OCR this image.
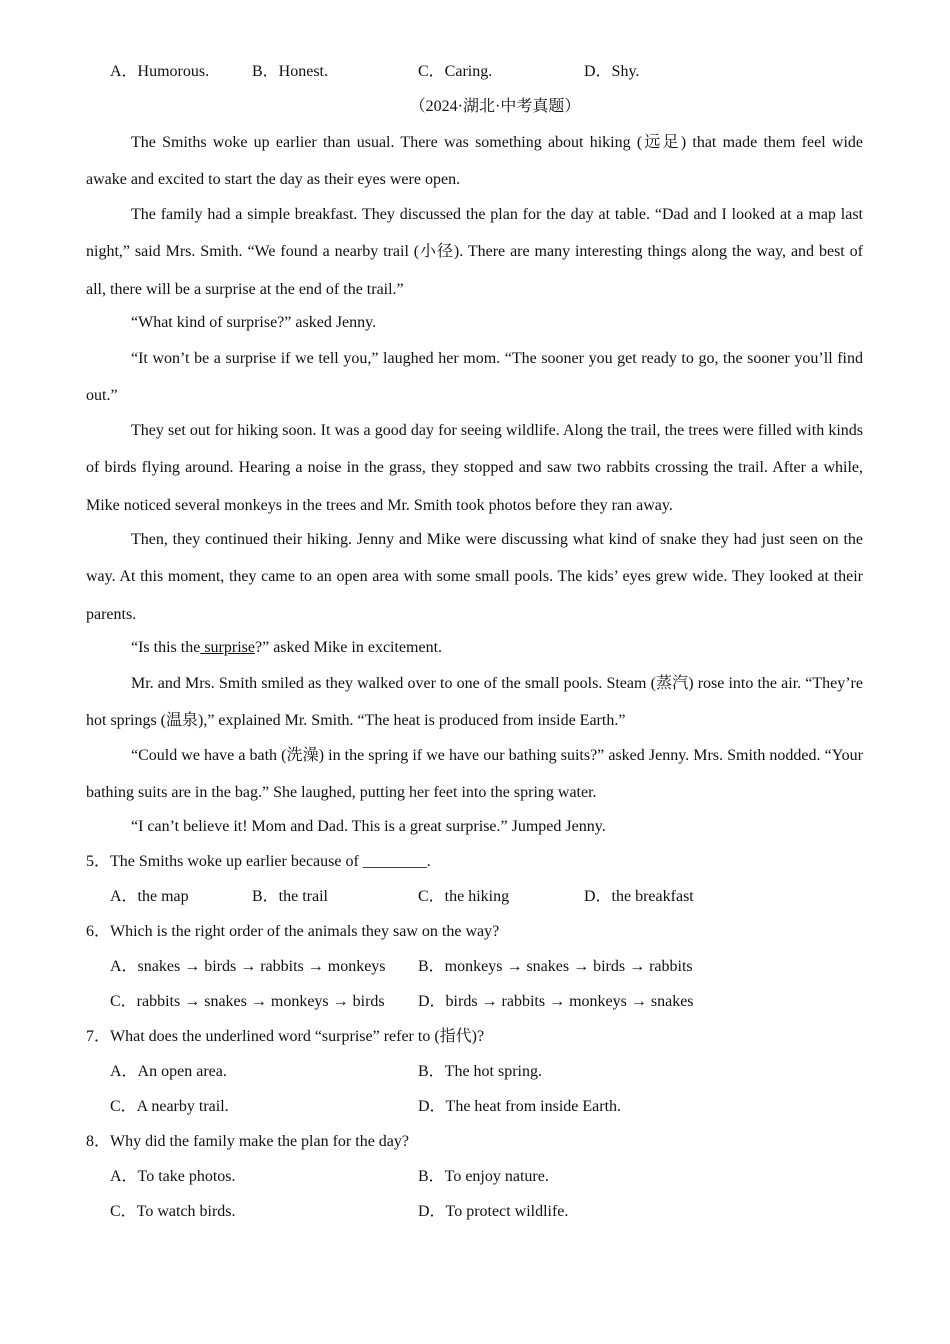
A．Humorous.	B．Honest.	C．Caring.	D．Shy.
（2024·湖北·中考真题）
The Smiths woke up earlier than usual. There was something about hiking (远足) that made them feel wide awake and excited to start the day as their eyes were open.
The family had a simple breakfast. They discussed the plan for the day at table. “Dad and I looked at a map last night,” said Mrs. Smith. “We found a nearby trail (小径). There are many interesting things along the way, and best of all, there will be a surprise at the end of the trail.”
“What kind of surprise?” asked Jenny.
“It won’t be a surprise if we tell you,” laughed her mom. “The sooner you get ready to go, the sooner you’ll find out.”
They set out for hiking soon. It was a good day for seeing wildlife. Along the trail, the trees were filled with kinds of birds flying around. Hearing a noise in the grass, they stopped and saw two rabbits crossing the trail. After a while, Mike noticed several monkeys in the trees and Mr. Smith took photos before they ran away.
Then, they continued their hiking. Jenny and Mike were discussing what kind of snake they had just seen on the way. At this moment, they came to an open area with some small pools. The kids’ eyes grew wide. They looked at their parents.
“Is this the surprise?” asked Mike in excitement.
Mr. and Mrs. Smith smiled as they walked over to one of the small pools. Steam (蒸汽) rose into the air. “They’re hot springs (温泉),” explained Mr. Smith. “The heat is produced from inside Earth.”
“Could we have a bath (洗澡) in the spring if we have our bathing suits?” asked Jenny. Mrs. Smith nodded. “Your bathing suits are in the bag.” She laughed, putting her feet into the spring water.
“I can’t believe it! Mom and Dad. This is a great surprise.” Jumped Jenny.
5．The Smiths woke up earlier because of ________.
A．the map	B．the trail	C．the hiking	D．the breakfast
6．Which is the right order of the animals they saw on the way?
A．snakes → birds → rabbits → monkeys B．monkeys → snakes → birds → rabbits
C．rabbits → snakes → monkeys → birds D．birds → rabbits → monkeys → snakes
7．What does the underlined word “surprise” refer to (指代)?
A．An open area.	B．The hot spring.
C．A nearby trail.	D．The heat from inside Earth.
8．Why did the family make the plan for the day?
A．To take photos.	B．To enjoy nature.
C．To watch birds.	D．To protect wildlife.
